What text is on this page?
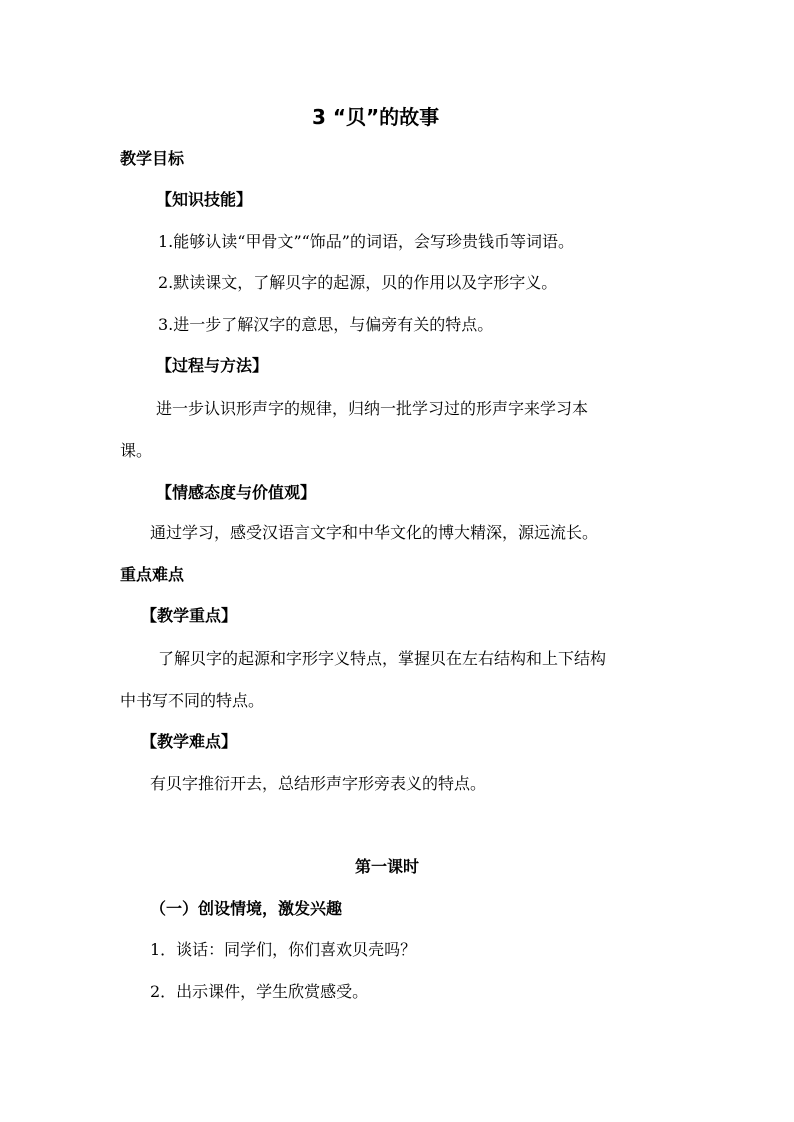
3 “贝”的故事
教学目标
【知识技能】
1.能够认读“甲骨文”“饰品”的词语，会写珍贵钱币等词语。
2.默读课文，了解贝字的起源，贝的作用以及字形字义。
3.进一步了解汉字的意思，与偏旁有关的特点。
【过程与方法】
进一步认识形声字的规律，归纳一批学习过的形声字来学习本
课。
【情感态度与价值观】
通过学习，感受汉语言文字和中华文化的博大精深，源远流长。
重点难点
【教学重点】
了解贝字的起源和字形字义特点，掌握贝在左右结构和上下结构
中书写不同的特点。
【教学难点】
有贝字推衍开去，总结形声字形旁表义的特点。
第一课时
（一）创设情境，激发兴趣
1．谈话：同学们，你们喜欢贝壳吗？
2．出示课件，学生欣赏感受。
